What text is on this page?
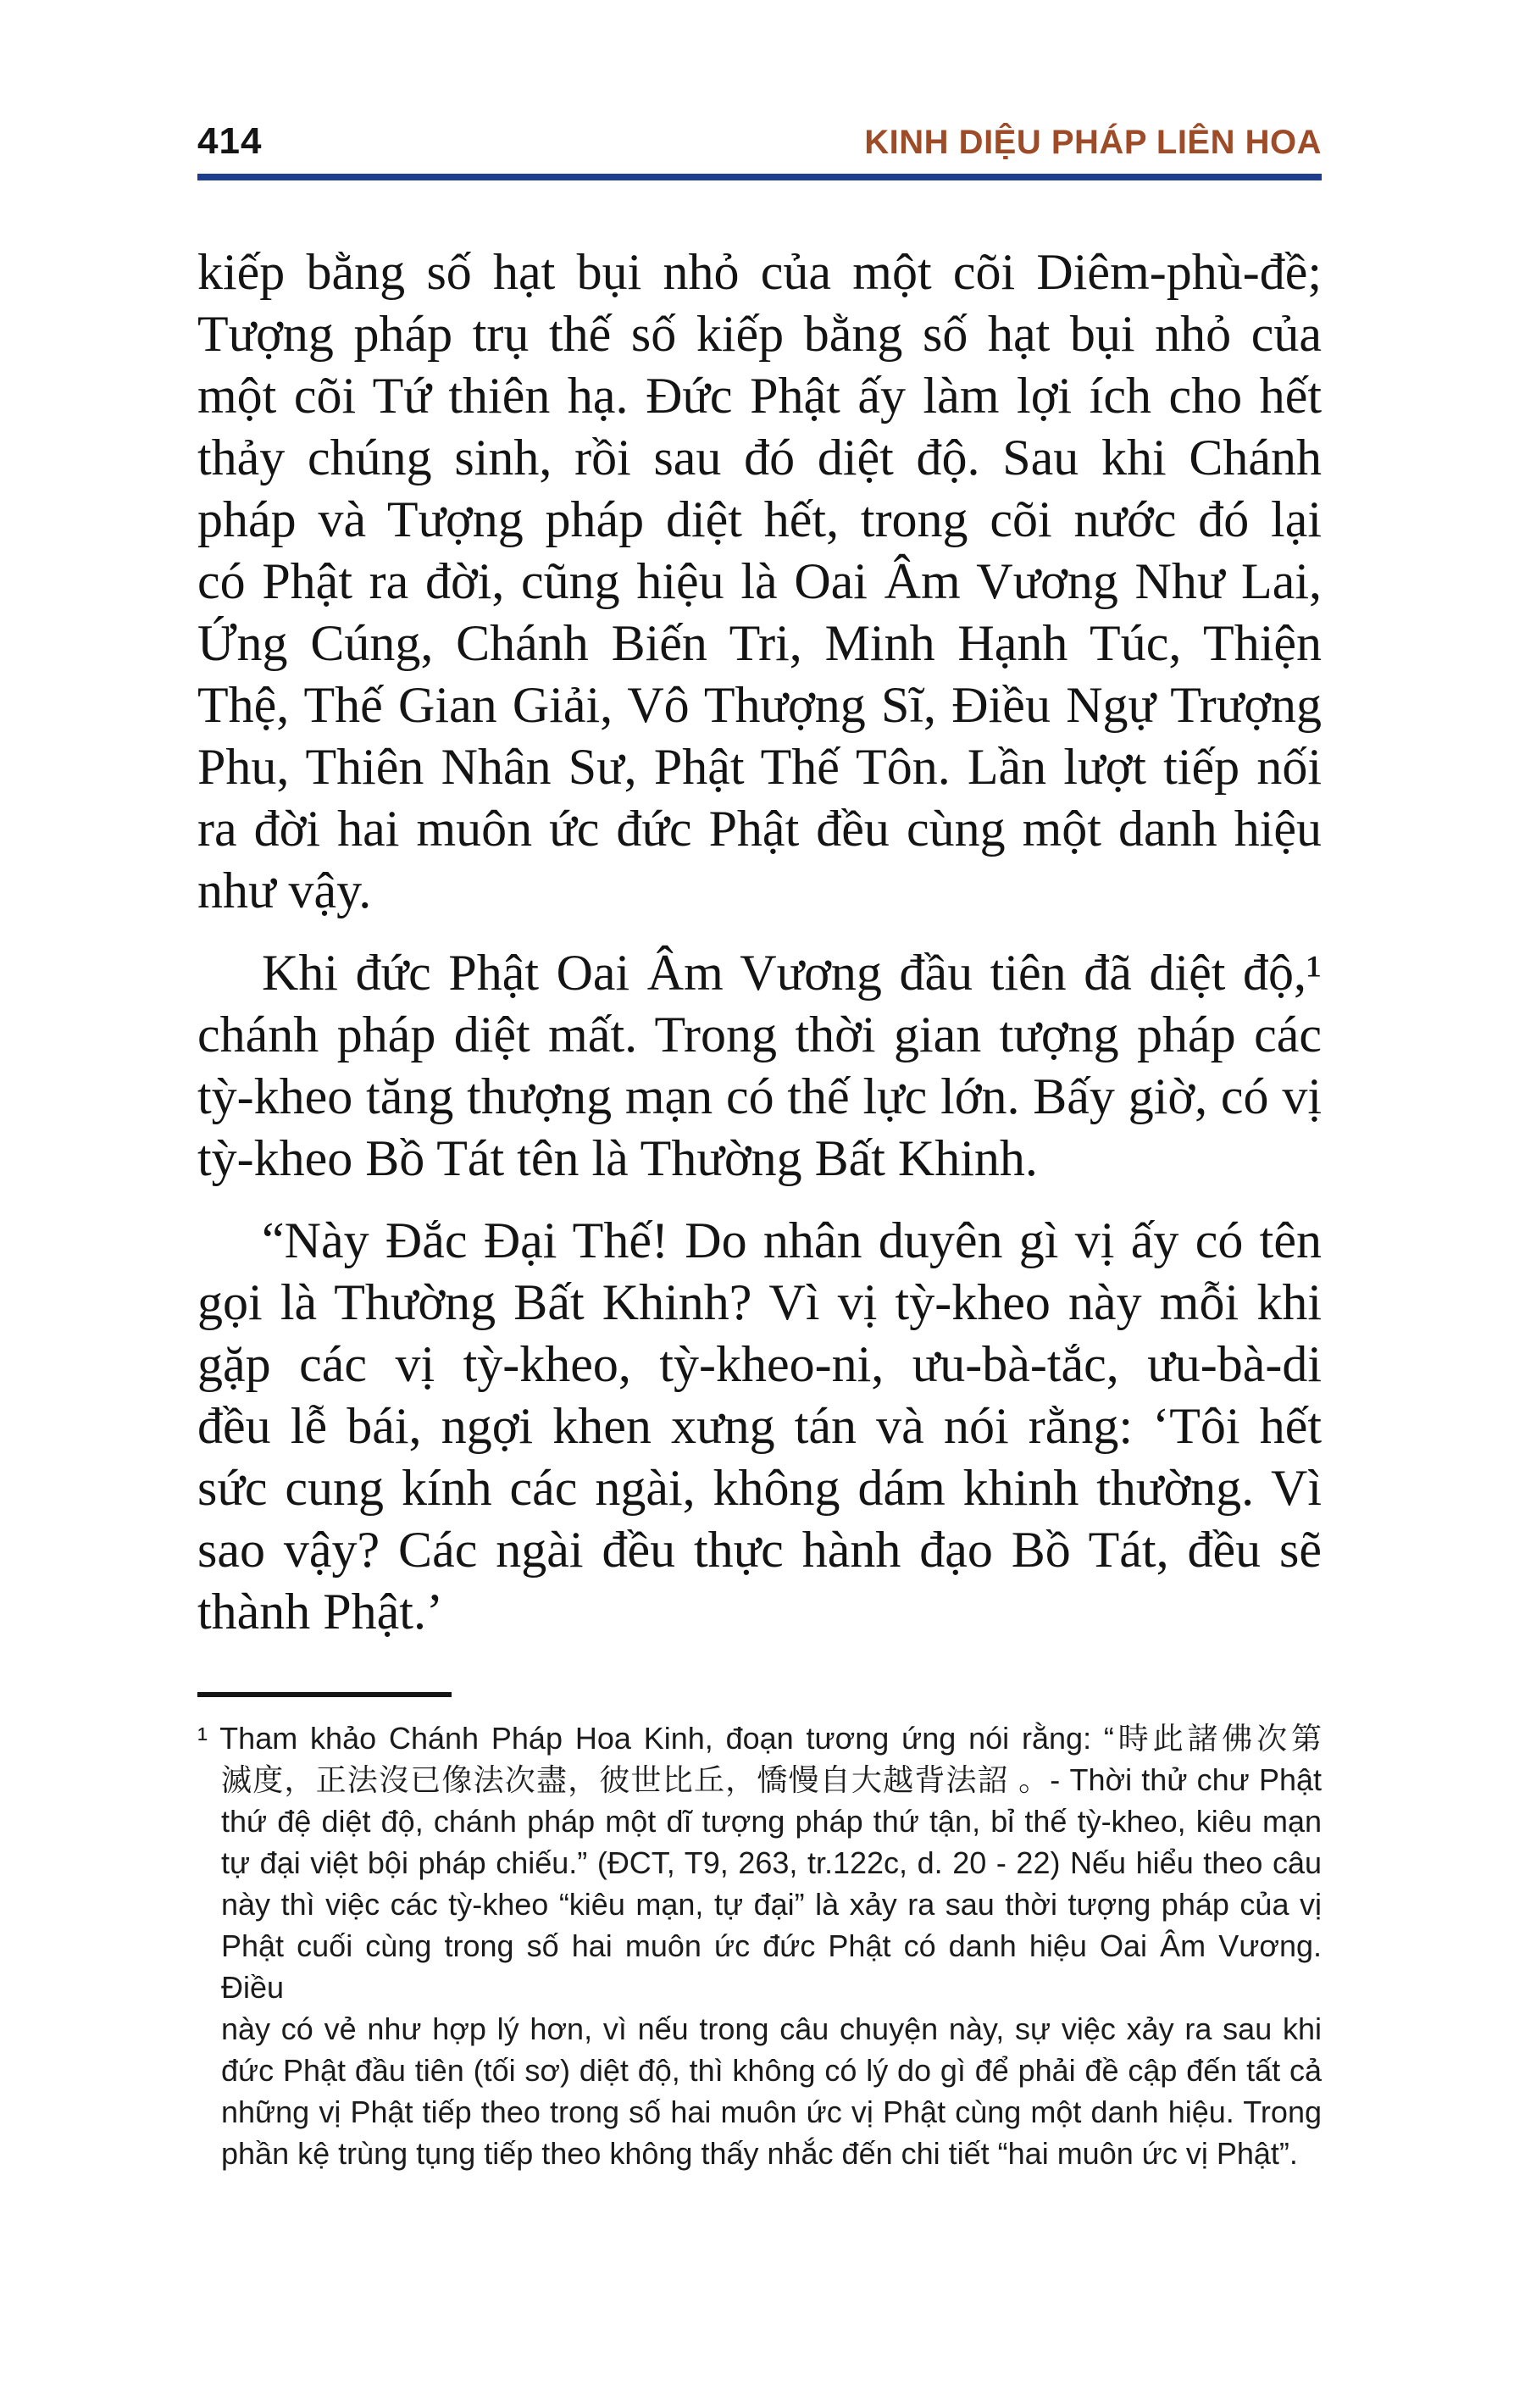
414	KINH DIỆU PHÁP LIÊN HOA
kiếp bằng số hạt bụi nhỏ của một cõi Diêm-phù-đề;
Tượng pháp trụ thế số kiếp bằng số hạt bụi nhỏ của
một cõi Tứ thiên hạ. Đức Phật ấy làm lợi ích cho hết
thảy chúng sinh, rồi sau đó diệt độ. Sau khi Chánh
pháp và Tượng pháp diệt hết, trong cõi nước đó lại
có Phật ra đời, cũng hiệu là Oai Âm Vương Như Lai,
Ứng Cúng, Chánh Biến Tri, Minh Hạnh Túc, Thiện
Thệ, Thế Gian Giải, Vô Thượng Sĩ, Điều Ngự Trượng
Phu, Thiên Nhân Sư, Phật Thế Tôn. Lần lượt tiếp nối
ra đời hai muôn ức đức Phật đều cùng một danh hiệu
như vậy.
Khi đức Phật Oai Âm Vương đầu tiên đã diệt độ,¹
chánh pháp diệt mất. Trong thời gian tượng pháp các
tỳ-kheo tăng thượng mạn có thế lực lớn. Bấy giờ, có vị
tỳ-kheo Bồ Tát tên là Thường Bất Khinh.
“Này Đắc Đại Thế! Do nhân duyên gì vị ấy có tên
gọi là Thường Bất Khinh? Vì vị tỳ-kheo này mỗi khi
gặp các vị tỳ-kheo, tỳ-kheo-ni, ưu-bà-tắc, ưu-bà-di
đều lễ bái, ngợi khen xưng tán và nói rằng: ‘Tôi hết
sức cung kính các ngài, không dám khinh thường. Vì
sao vậy? Các ngài đều thực hành đạo Bồ Tát, đều sẽ
thành Phật.’
¹ Tham khảo Chánh Pháp Hoa Kinh, đoạn tương ứng nói rằng: “時此諸佛次第
滅度，正法沒已像法次盡，彼世比丘，憍慢自大越背法詔 。- Thời thử chư Phật
thứ đệ diệt độ, chánh pháp một dĩ tượng pháp thứ tận, bỉ thế tỳ-kheo, kiêu mạn
tự đại việt bội pháp chiếu.” (ĐCT, T9, 263, tr.122c, d. 20 - 22) Nếu hiểu theo câu
này thì việc các tỳ-kheo “kiêu mạn, tự đại” là xảy ra sau thời tượng pháp của vị
Phật cuối cùng trong số hai muôn ức đức Phật có danh hiệu Oai Âm Vương. Điều
này có vẻ như hợp lý hơn, vì nếu trong câu chuyện này, sự việc xảy ra sau khi
đức Phật đầu tiên (tối sơ) diệt độ, thì không có lý do gì để phải đề cập đến tất cả
những vị Phật tiếp theo trong số hai muôn ức vị Phật cùng một danh hiệu. Trong
phần kệ trùng tụng tiếp theo không thấy nhắc đến chi tiết “hai muôn ức vị Phật”.
